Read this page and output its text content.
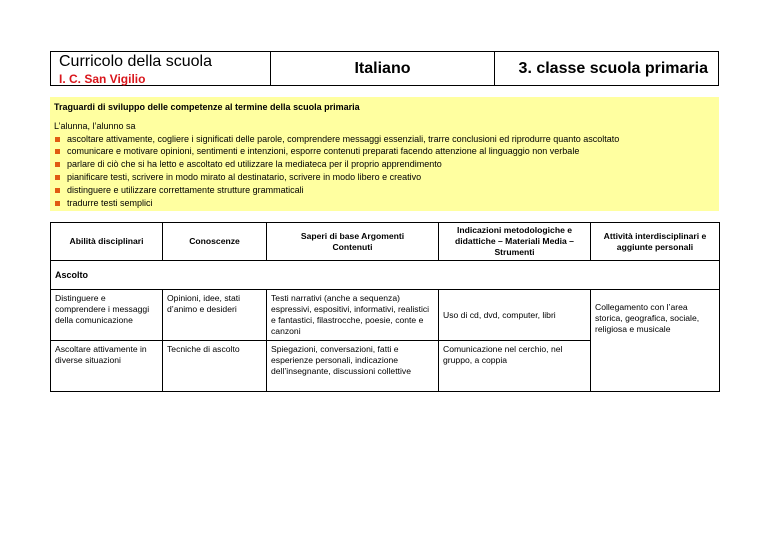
Curricolo della scuola
I. C. San Vigilio
Italiano	3. classe scuola primaria
Traguardi di sviluppo delle competenze al termine della scuola primaria
L’alunna, l’alunno sa
ascoltare attivamente, cogliere i significati delle parole, comprendere messaggi essenziali, trarre conclusioni ed riprodurre quanto ascoltato
comunicare e motivare opinioni, sentimenti e intenzioni, esporre contenuti preparati facendo attenzione al linguaggio non verbale
parlare di ciò che si ha letto e ascoltato ed utilizzare la mediateca per il proprio apprendimento
pianificare testi, scrivere in modo mirato al destinatario, scrivere in modo libero e creativo
distinguere e utilizzare correttamente strutture grammaticali
tradurre testi semplici
Abilità disciplinari	Conoscenze	Saperi di base Argomenti Contenuti	Indicazioni metodologiche e didattiche – Materiali Media – Strumenti	Attività interdisciplinari e aggiunte personali
Ascolto				
Distinguere e comprendere i messaggi della comunicazione	Opinioni, idee, stati d’animo e desideri	Testi narrativi (anche a sequenza) espressivi, espositivi, informativi, realistici e fantastici, filastrocche, poesie, conte e canzoni	Uso di cd, dvd, computer, libri	Collegamento con l’area storica, geografica, sociale, religiosa e musicale
Ascoltare attivamente in diverse situazioni	Tecniche di ascolto	Spiegazioni, conversazioni, fatti e esperienze personali, indicazione dell’insegnante, discussioni collettive	Comunicazione nel cerchio, nel gruppo, a coppia	
